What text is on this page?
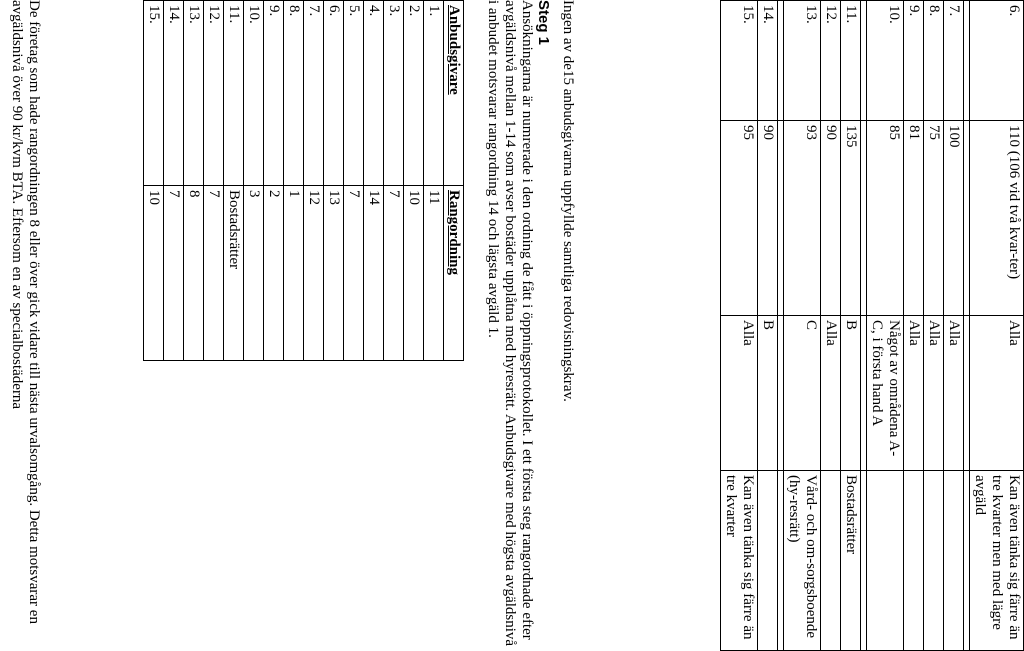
6.	110 (106 vid två kvar-ter)	Alla	Kan även tänka sig färre än tre kvarter men med lägre avgäld

7.	100	Alla	
8.	75	Alla	
9.	81	Alla	
10.	85	Något av områdena A-C, i första hand A	

11.	135	B	Bostadsrätter
12.	90	Alla	
13.	93	C	Vård- och om-sorgsboende (hy-resrätt)

14.	90	B	
15.	95	Alla	Kan även tänka sig färre än tre kvarter

Ingen av de15 anbudsgivarna uppfyllde samtliga redovisningskrav.

Steg 1

Ansökningarna är numrerade i den ordning de fått i öppningsprotokollet. I ett första steg rangordnade efter avgäldsnivå mellan 1-14 som avser bostäder upplåtna med hyresrätt. Anbudsgivare med högsta avgäldsnivå i anbudet motsvarar rangordning 14 och lägsta avgäld 1.

Anbudsgivare	Rangordning
1.	11
2.	10
3.	7
4.	14
5.	7
6.	13
7.	12
8.	1
9.	2
10.	3
11.	Bostadsrätter
12.	7
13.	8
14.	7
15.	10

De företag som hade rangordningen 8 eller över gick vidare till nästa urvalsomgång. Detta motsvarar en avgäldsnivå över 90 kr/kvm BTA. Eftersom en av specialbostäderna
